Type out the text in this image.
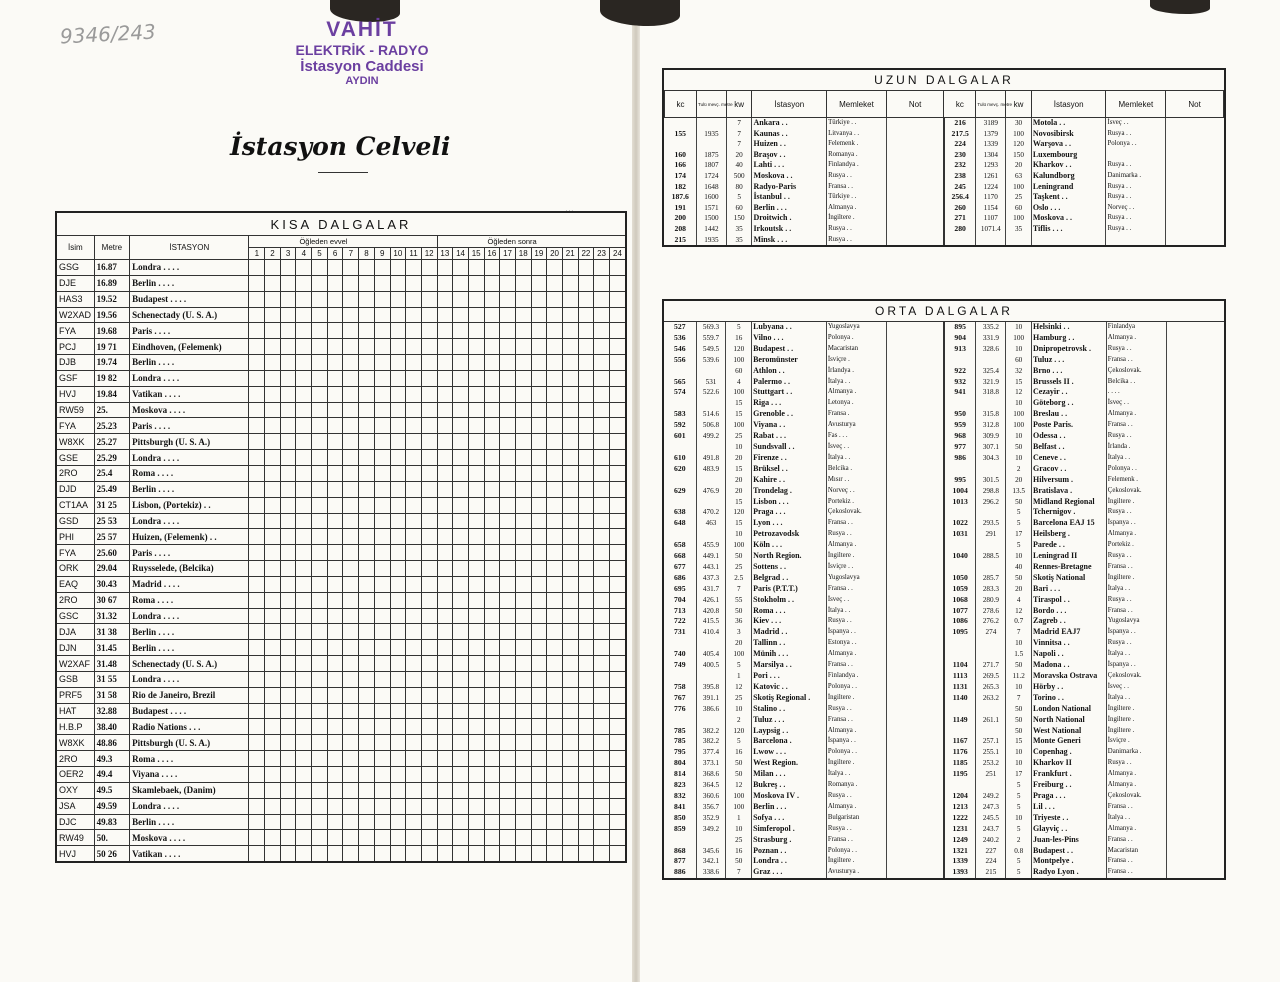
9346/243	VAHİT
ELEKTRİK - RADYO
İstasyon Caddesi
AYDIN
İstasyon Celveli
KISA DALGALAR																										
İsim	Metre	İSTASYON	Öğleden evvel												Öğleden sonra											
			1	2	3	4	5	6	7	8	9	10	11	12	13	14	15	16	17	18	19	20	21	22	23	24
GSG	16.87	Londra . . . .																								
DJE	16.89	Berlin . . . .																								
HAS3	19.52	Budapest . . . .																								
W2XAD	19.56	Schenectady (U. S. A.)																								
FYA	19.68	Paris . . . .																								
PCJ	19 71	Eindhoven, (Felemenk)																								
DJB	19.74	Berlin . . . .																								
GSF	19 82	Londra . . . .																								
HVJ	19.84	Vatikan . . . .																								
RW59	25.	Moskova . . . .																								
FYA	25.23	Paris . . . .																								
W8XK	25.27	Pittsburgh (U. S. A.)																								
GSE	25.29	Londra . . . .																								
2RO	25.4	Roma . . . .																								
DJD	25.49	Berlin . . . .																								
CT1AA	31 25	Lisbon, (Portekiz) . .																								
GSD	25 53	Londra . . . .																								
PHI	25 57	Huizen, (Felemenk) . .																								
FYA	25.60	Paris . . . .																								
ORK	29.04	Ruysselede, (Belcika)																								
EAQ	30.43	Madrid . . . .																								
2RO	30 67	Roma . . . .																								
GSC	31.32	Londra . . . .																								
DJA	31 38	Berlin . . . .																								
DJN	31.45	Berlin . . . .																								
W2XAF	31.48	Schenectady (U. S. A.)																								
GSB	31 55	Londra . . . .																								
PRF5	31 58	Rio de Janeiro, Brezil																								
HAT	32.88	Budapest . . . .																								
H.B.P	38.40	Radio Nations . . .																								
W8XK	48.86	Pittsburgh (U. S. A.)																								
2RO	49.3	Roma . . . .																								
OER2	49.4	Viyana . . . .																								
OXY	49.5	Skamlebaek, (Danim)																								
JSA	49.59	Londra . . . .																								
DJC	49.83	Berlin . . . .																								
RW49	50.	Moskova . . . .																								
HVJ	50 26	Vatikan . . . .																								
. . .
UZUN DALGALAR											
kc	Tulü mevç. metre	kw	İstasyon	Memleket	Not	kc	Tulü mevç. metre	kw	İstasyon	Memleket	Not
		7	Ankara . .	Türkiye . .		216	3189	30	Motola . .	İsveç . .	
155	1935	7	Kaunas . .	Litvanya . .		217.5	1379	100	Novosibirsk	Rusya . .	
		7	Huizen . .	Felemenk .		224	1339	120	Warşova . .	Polonya . .	
160	1875	20	Braşov . .	Romanya .		230	1304	150	Luxembourg		
166	1807	40	Lahti . . .	Finlandya .		232	1293	20	Kharkov . .	Rusya . .	
174	1724	500	Moskova . .	Rusya . .		238	1261	63	Kalundborg	Danimarka .	
182	1648	80	Radyo-Paris	Fransa . .		245	1224	100	Leningrand	Rusya . .	
187.6	1600	5	İstanbul . .	Türkiye . .		256.4	1170	25	Taşkent . .	Rusya . .	
191	1571	60	Berlin . . .	Almanya .		260	1154	60	Oslo . . .	Norveç . .	
200	1500	150	Droitwich .	İngiltere .		271	1107	100	Moskova . .	Rusya . .	
208	1442	35	Irkoutsk . .	Rusya . .		280	1071.4	35	Tiflis . . .	Rusya . .	
215	1935	35	Minsk . . .	Rusya . .							
ORTA DALGALAR											
527	569.3	5	Lubyana . .	Yugoslavya		895	335.2	10	Helsinki . .	Finlandya	
536	559.7	16	Vilno . . .	Polonya .		904	331.9	100	Hamburg . .	Almanya .	
546	549.5	120	Budapest . .	Macaristan		913	328.6	10	Dnipropetrovsk .	Rusya . .	
556	539.6	100	Beromünster	İsviçre .				60	Tuluz . . .	Fransa . .	
		60	Athlon . .	İrlandya .		922	325.4	32	Brno . . .	Çekoslovak.	
565	531	4	Palermo . .	İtalya . .		932	321.9	15	Brussels II .	Belcika . .	
574	522.6	100	Stuttgart . .	Almanya .		941	318.8	12	Cezayir . .	. . . .	
		15	Riga . . .	Letonya .				10	Göteborg . .	İsveç . .	
583	514.6	15	Grenoble . .	Fransa .		950	315.8	100	Breslau . .	Almanya .	
592	506.8	100	Viyana . .	Avusturya		959	312.8	100	Poste Paris.	Fransa . .	
601	499.2	25	Rabat . . .	Fas . . .		968	309.9	10	Odessa . .	Rusya . .	
		10	Sundsvall . .	İsveç . .		977	307.1	50	Belfast . .	İrlanda .	
610	491.8	20	Firenze . .	İtalya . .		986	304.3	10	Ceneve . .	İtalya . .	
620	483.9	15	Brüksel . .	Belcika .				2	Gracov . .	Polonya . .	
		20	Kahire . .	Mısır . .		995	301.5	20	Hilversum .	Felemenk .	
629	476.9	20	Trondelag .	Norveç . .		1004	298.8	13.5	Bratislava .	Çekoslovak.	
		15	Lisbon . . .	Portekiz .		1013	296.2	50	Midland Regional	İngiltere .	
638	470.2	120	Praga . . .	Çekoslovak.				5	Tchernigov .	Rusya . .	
648	463	15	Lyon . . .	Fransa . .		1022	293.5	5	Barcelona EAJ 15	İspanya . .	
		10	Petrozavodsk	Rusya . .		1031	291	17	Heilsberg .	Almanya .	
658	455.9	100	Köln . . .	Almanya .				5	Parede . .	Portekiz .	
668	449.1	50	North Region.	İngiltere .		1040	288.5	10	Leningrad II	Rusya . .	
677	443.1	25	Sottens . .	İsviçre . .				40	Rennes-Bretagne	Fransa . .	
686	437.3	2.5	Belgrad . .	Yugoslavya		1050	285.7	50	Skotiş National	İngiltere .	
695	431.7	7	Paris (P.T.T.)	Fransa . .		1059	283.3	20	Bari . . .	İtalya . .	
704	426.1	55	Stokholm . .	İsveç . .		1068	280.9	4	Tiraspol . .	Rusya . .	
713	420.8	50	Roma . . .	İtalya . .		1077	278.6	12	Bordo . . .	Fransa . .	
722	415.5	36	Kiev . . .	Rusya . .		1086	276.2	0.7	Zagreb . .	Yugoslavya	
731	410.4	3	Madrid . .	İspanya . .		1095	274	7	Madrid EAJ7	İspanya . .	
		20	Tallinn . .	Estonya . .				10	Vinnitsa . .	Rusya . .	
740	405.4	100	Münih . . .	Almanya .				1.5	Napoli . .	İtalya . .	
749	400.5	5	Marsilya . .	Fransa . .		1104	271.7	50	Madona . .	İspanya . .	
		1	Pori . . .	Finlandya .		1113	269.5	11.2	Moravska Ostrava	Çekoslovak.	
758	395.8	12	Katovic . .	Polonya . .		1131	265.3	10	Hörby . .	İsveç . .	
767	391.1	25	Skotiş Regional .	İngiltere .		1140	263.2	7	Torino . .	İtalya . .	
776	386.6	10	Stalino . .	Rusya . .				50	London National	İngiltere .	
		2	Tuluz . . .	Fransa . .		1149	261.1	50	North National	İngiltere .	
785	382.2	120	Laypsig . .	Almanya .				50	West National	İngiltere .	
785	382.2	5	Barcelona .	İspanya . .		1167	257.1	15	Monte Generi	İsviçre .	
795	377.4	16	Lwow . . .	Polonya . .		1176	255.1	10	Copenhag .	Danimarka .	
804	373.1	50	West Region.	İngiltere .		1185	253.2	10	Kharkov II	Rusya . .	
814	368.6	50	Milan . . .	İtalya . .		1195	251	17	Frankfurt .	Almanya .	
823	364.5	12	Bukreş . .	Romanya .				5	Freiburg . .	Almanya .	
832	360.6	100	Moskova IV .	Rusya . .		1204	249.2	5	Praga . . .	Çekoslovak.	
841	356.7	100	Berlin . . .	Almanya .		1213	247.3	5	Lil . . .	Fransa . .	
850	352.9	1	Sofya . . .	Bulgaristan		1222	245.5	10	Triyeste . .	İtalya . .	
859	349.2	10	Simferopol .	Rusya . .		1231	243.7	5	Glayviç . .	Almanya .	
		25	Strasburg .	Fransa . .		1249	240.2	2	Juan-les-Pins	Fransa . .	
868	345.6	16	Poznan . .	Polonya . .		1321	227	0.8	Budapest . .	Macaristan	
877	342.1	50	Londra . .	İngiltere .		1339	224	5	Montpelye .	Fransa . .	
886	338.6	7	Graz . . .	Avusturya .		1393	215	5	Radyo Lyon .	Fransa . .	
